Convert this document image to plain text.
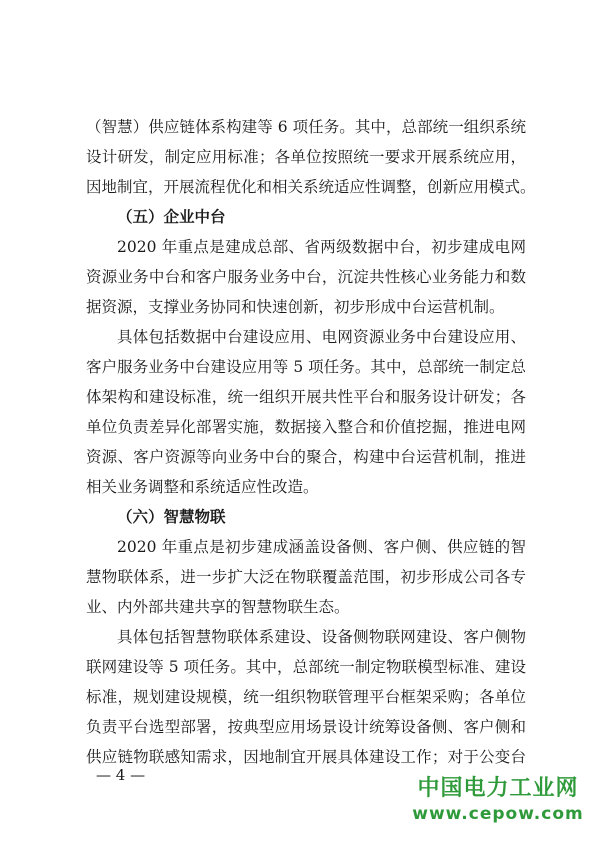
（智慧）供应链体系构建等 6 项任务。其中，总部统一组织系统
设计研发，制定应用标准；各单位按照统一要求开展系统应用，
因地制宜，开展流程优化和相关系统适应性调整，创新应用模式。
（五）企业中台
2020 年重点是建成总部、省两级数据中台，初步建成电网
资源业务中台和客户服务业务中台，沉淀共性核心业务能力和数
据资源，支撑业务协同和快速创新，初步形成中台运营机制。
具体包括数据中台建设应用、电网资源业务中台建设应用、
客户服务业务中台建设应用等 5 项任务。其中，总部统一制定总
体架构和建设标准，统一组织开展共性平台和服务设计研发；各
单位负责差异化部署实施，数据接入整合和价值挖掘，推进电网
资源、客户资源等向业务中台的聚合，构建中台运营机制，推进
相关业务调整和系统适应性改造。
（六）智慧物联
2020 年重点是初步建成涵盖设备侧、客户侧、供应链的智
慧物联体系，进一步扩大泛在物联覆盖范围，初步形成公司各专
业、内外部共建共享的智慧物联生态。
具体包括智慧物联体系建设、设备侧物联网建设、客户侧物
联网建设等 5 项任务。其中，总部统一制定物联模型标准、建设
标准，规划建设规模，统一组织物联管理平台框架采购；各单位
负责平台选型部署，按典型应用场景设计统筹设备侧、客户侧和
供应链物联感知需求，因地制宜开展具体建设工作；对于公变台
— 4 —
中国电力工业网
www.cepow.com
